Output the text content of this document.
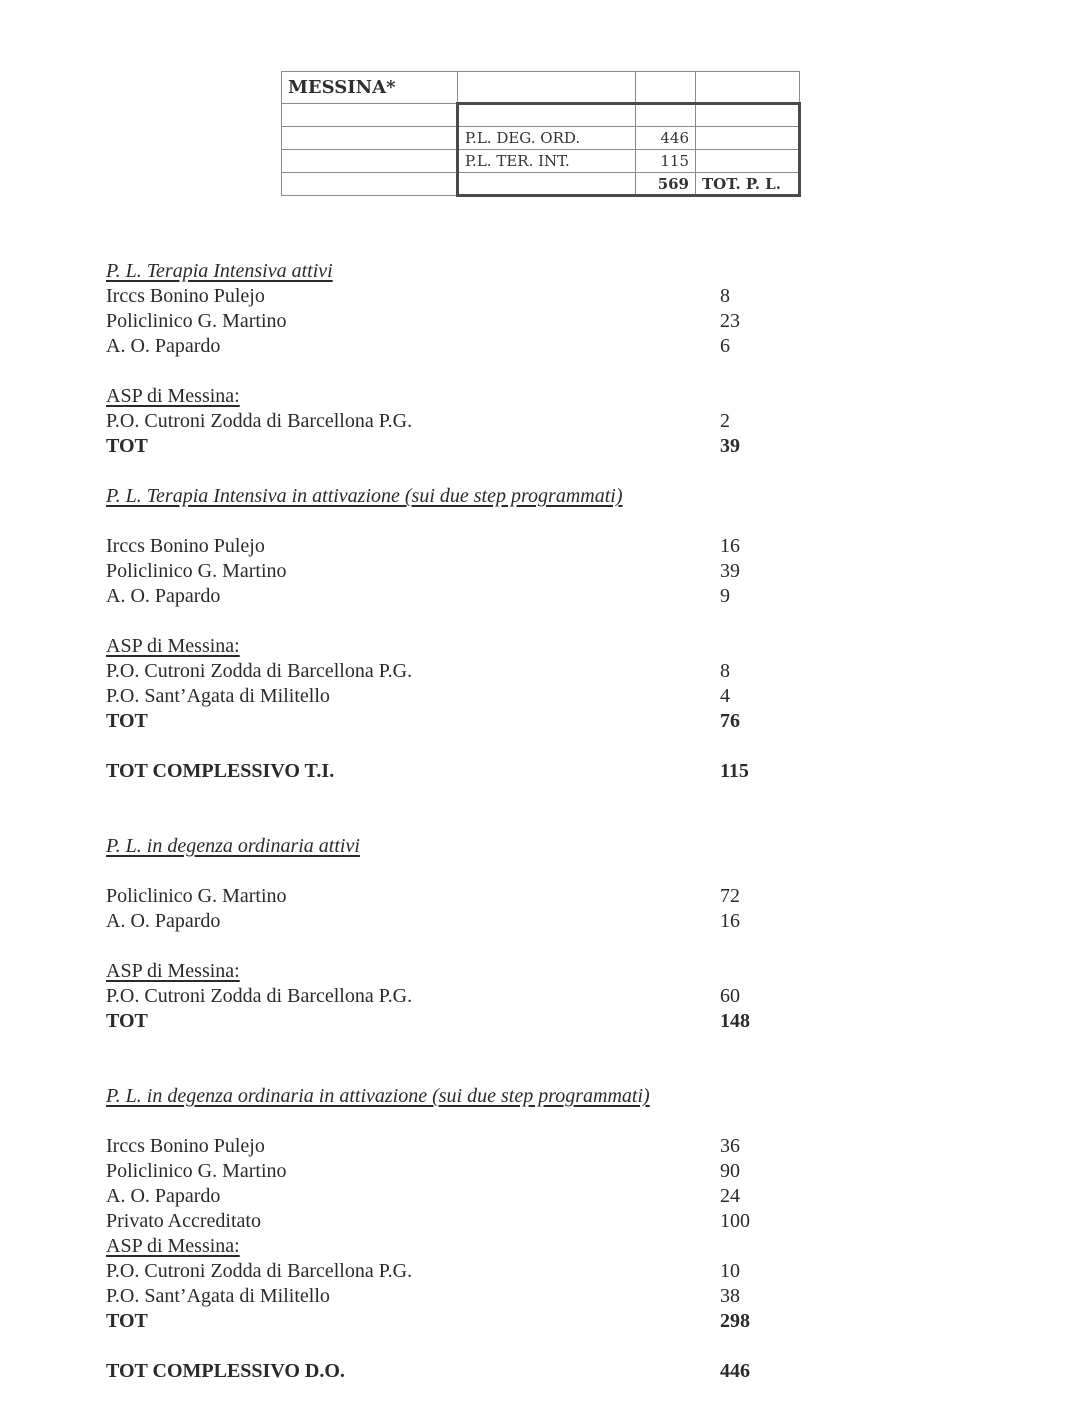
MESSINA*			

	P.L. DEG. ORD.	446	
	P.L. TER. INT.	115	
		569	TOT. P. L.
P. L. Terapia Intensiva attivi
Irccs Bonino Pulejo	8
Policlinico G. Martino	23
A. O. Papardo	6
ASP di Messina:
P.O. Cutroni Zodda di Barcellona P.G.	2
TOT	39
P. L. Terapia Intensiva in attivazione (sui due step programmati)
Irccs Bonino Pulejo	16
Policlinico G. Martino	39
A. O. Papardo	9
ASP di Messina:
P.O. Cutroni Zodda di Barcellona P.G.	8
P.O. Sant’Agata di Militello	4
TOT	76
TOT COMPLESSIVO T.I.	115
P. L. in degenza ordinaria attivi
Policlinico G. Martino	72
A. O. Papardo	16
ASP di Messina:
P.O. Cutroni Zodda di Barcellona P.G.	60
TOT	148
P. L. in degenza ordinaria in attivazione (sui due step programmati)
Irccs Bonino Pulejo	36
Policlinico G. Martino	90
A. O. Papardo	24
Privato Accreditato	100
ASP di Messina:
P.O. Cutroni Zodda di Barcellona P.G.	10
P.O. Sant’Agata di Militello	38
TOT	298
TOT COMPLESSIVO D.O.	446
